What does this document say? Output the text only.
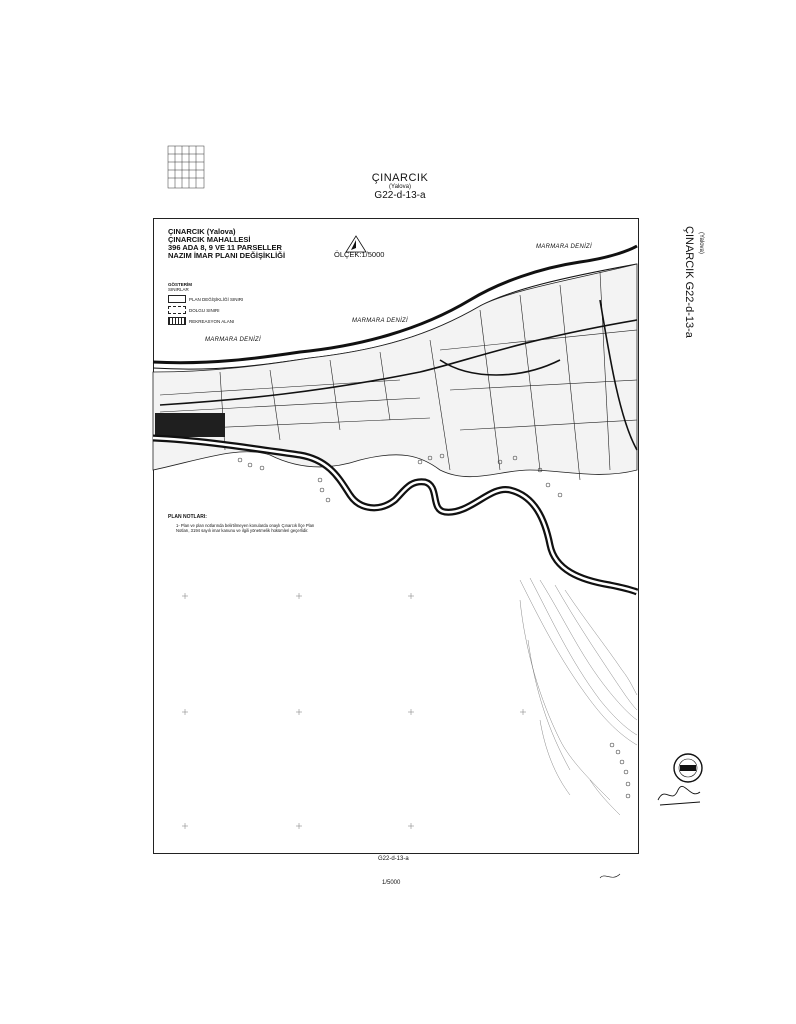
ÇINARCIK
(Yalova)
G22-d-13-a
ÇINARCIK G22-d-13-a (Yalova)
ÇINARCIK (Yalova)
ÇINARCIK MAHALLESİ
396 ADA 8, 9 VE 11 PARSELLER
NAZIM İMAR PLANI DEĞİŞİKLİĞİ	ÖLÇEK:1/5000
GÖSTERİM
SINIRLAR
PLAN DEĞİŞİKLİĞİ SINIRI
DOLGU SINIRI
REKREASYON ALANI
MARMARA DENİZİ
MARMARA DENİZİ
MARMARA DENİZİ
PLAN NOTLARI:
1- Plan ve plan notlarında belirtilmeyen konularda onaylı Çınarcık İlçe Plan Notları, 3194 sayılı imar kanunu ve ilgili yönetmelik hükümleri geçerlidir.
G22-d-13-a
1/5000
